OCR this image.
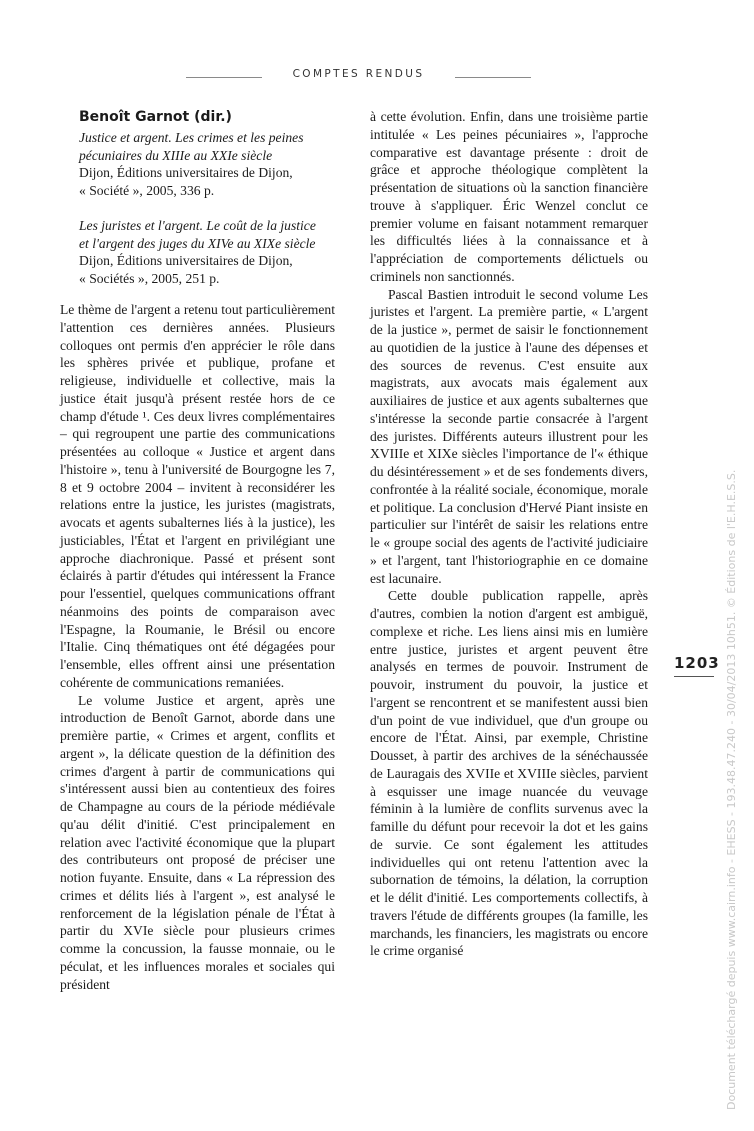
COMPTES RENDUS
Benoît Garnot (dir.)
Justice et argent. Les crimes et les peines
pécuniaires du XIIIe au XXIe siècle
Dijon, Éditions universitaires de Dijon,
« Société », 2005, 336 p.
Les juristes et l'argent. Le coût de la justice
et l'argent des juges du XIVe au XIXe siècle
Dijon, Éditions universitaires de Dijon,
« Sociétés », 2005, 251 p.

Le thème de l'argent a retenu tout particulièrement l'attention ces dernières années. Plusieurs colloques ont permis d'en apprécier le rôle dans les sphères privée et publique, profane et religieuse, individuelle et collective, mais la justice était jusqu'à présent restée hors de ce champ d'étude ¹. Ces deux livres complémentaires – qui regroupent une partie des communications présentées au colloque « Justice et argent dans l'histoire », tenu à l'université de Bourgogne les 7, 8 et 9 octobre 2004 – invitent à reconsidérer les relations entre la justice, les juristes (magistrats, avocats et agents subalternes liés à la justice), les justiciables, l'État et l'argent en privilégiant une approche diachronique. Passé et présent sont éclairés à partir d'études qui intéressent la France pour l'essentiel, quelques communications offrant néanmoins des points de comparaison avec l'Espagne, la Roumanie, le Brésil ou encore l'Italie. Cinq thématiques ont été dégagées pour l'ensemble, elles offrent ainsi une présentation cohérente de communications remaniées.

Le volume Justice et argent, après une introduction de Benoît Garnot, aborde dans une première partie, « Crimes et argent, conflits et argent », la délicate question de la définition des crimes d'argent à partir de communications qui s'intéressent aussi bien au contentieux des foires de Champagne au cours de la période médiévale qu'au délit d'initié. C'est principalement en relation avec l'activité économique que la plupart des contributeurs ont proposé de préciser une notion fuyante. Ensuite, dans « La répression des crimes et délits liés à l'argent », est analysé le renforcement de la législation pénale de l'État à partir du XVIe siècle pour plusieurs crimes comme la concussion, la fausse monnaie, ou le péculat, et les influences morales et sociales qui président

à cette évolution. Enfin, dans une troisième partie intitulée « Les peines pécuniaires », l'approche comparative est davantage présente : droit de grâce et approche théologique complètent la présentation de situations où la sanction financière trouve à s'appliquer. Éric Wenzel conclut ce premier volume en faisant notamment remarquer les difficultés liées à la connaissance et à l'appréciation de comportements délictuels ou criminels non sanctionnés.

Pascal Bastien introduit le second volume Les juristes et l'argent. La première partie, « L'argent de la justice », permet de saisir le fonctionnement au quotidien de la justice à l'aune des dépenses et des sources de revenus. C'est ensuite aux magistrats, aux avocats mais également aux auxiliaires de justice et aux agents subalternes que s'intéresse la seconde partie consacrée à l'argent des juristes. Différents auteurs illustrent pour les XVIIIe et XIXe siècles l'importance de l'« éthique du désintéressement » et de ses fondements divers, confrontée à la réalité sociale, économique, morale et politique. La conclusion d'Hervé Piant insiste en particulier sur l'intérêt de saisir les relations entre le « groupe social des agents de l'activité judiciaire » et l'argent, tant l'historiographie en ce domaine est lacunaire.

Cette double publication rappelle, après d'autres, combien la notion d'argent est ambiguë, complexe et riche. Les liens ainsi mis en lumière entre justice, juristes et argent peuvent être analysés en termes de pouvoir. Instrument de pouvoir, instrument du pouvoir, la justice et l'argent se rencontrent et se manifestent aussi bien d'un point de vue individuel, que d'un groupe ou encore de l'État. Ainsi, par exemple, Christine Dousset, à partir des archives de la sénéchaussée de Lauragais des XVIIe et XVIIIe siècles, parvient à esquisser une image nuancée du veuvage féminin à la lumière de conflits survenus avec la famille du défunt pour recevoir la dot et les gains de survie. Ce sont également les attitudes individuelles qui ont retenu l'attention avec la subornation de témoins, la délation, la corruption et le délit d'initié. Les comportements collectifs, à travers l'étude de différents groupes (la famille, les marchands, les financiers, les magistrats ou encore le crime organisé

1203 Document téléchargé depuis www.cairn.info - EHESS - 193.48.47.240 - 30/04/2013 10h51. © Éditions de l'E.H.E.S.S.
